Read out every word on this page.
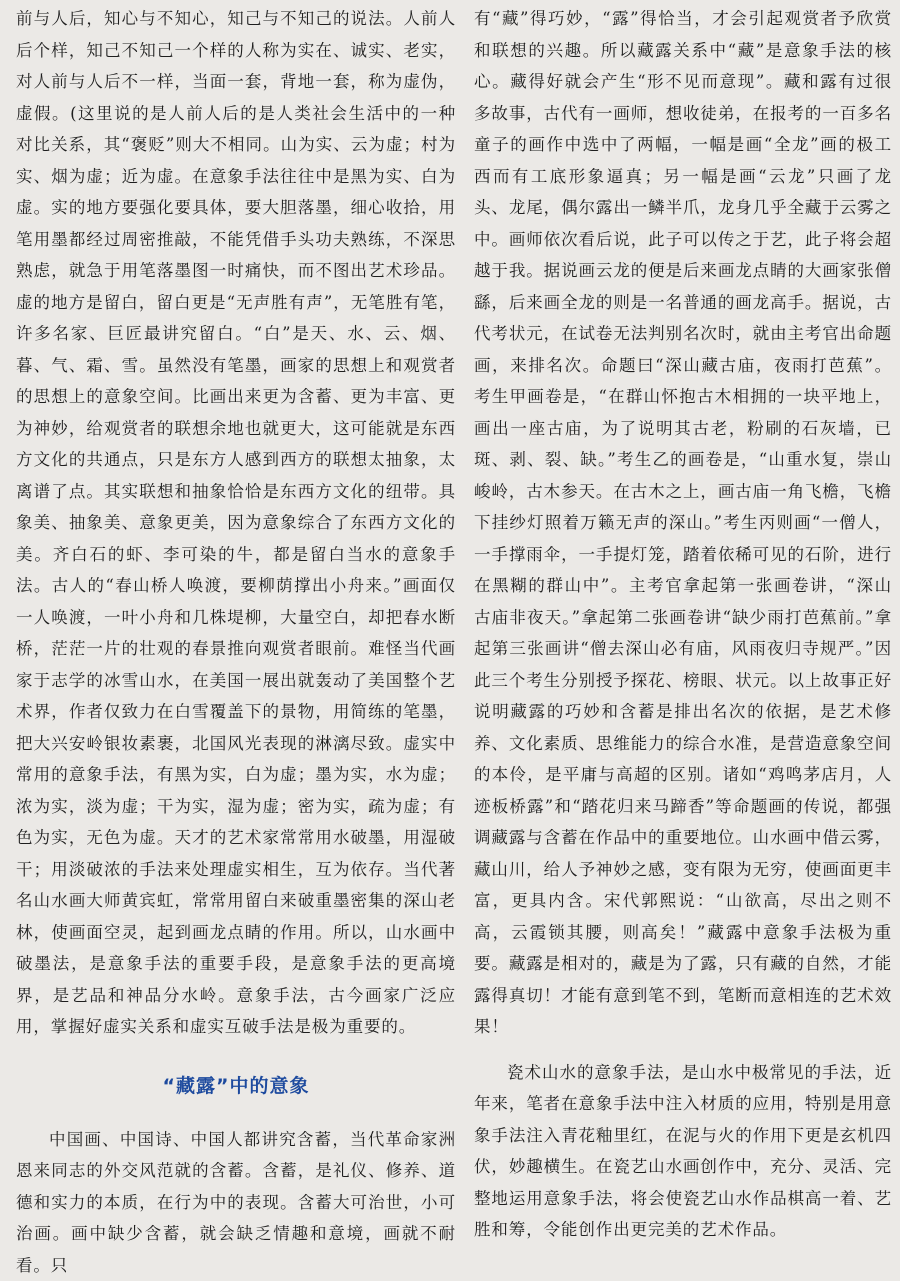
前与人后，知心与不知心，知己与不知己的说法。人前人后个样，知己不知己一个样的人称为实在、诚实、老实，对人前与人后不一样，当面一套，背地一套，称为虚伪，虚假。(这里说的是人前人后的是人类社会生活中的一种对比关系，其“褒贬”则大不相同。山为实、云为虚；村为实、烟为虚；近为虚。在意象手法往往中是黑为实、白为虚。实的地方要强化要具体，要大胆落墨，细心收拾，用笔用墨都经过周密推敲，不能凭借手头功夫熟练，不深思熟虑，就急于用笔落墨图一时痛快，而不图出艺术珍品。虚的地方是留白，留白更是“无声胜有声”，无笔胜有笔，许多名家、巨匠最讲究留白。“白”是天、水、云、烟、暮、气、霜、雪。虽然没有笔墨，画家的思想上和观赏者的思想上的意象空间。比画出来更为含蓄、更为丰富、更为神妙，给观赏者的联想余地也就更大，这可能就是东西方文化的共通点，只是东方人感到西方的联想太抽象，太离谱了点。其实联想和抽象恰恰是东西方文化的纽带。具象美、抽象美、意象更美，因为意象综合了东西方文化的美。齐白石的虾、李可染的牛，都是留白当水的意象手法。古人的“春山桥人唤渡，要柳荫撑出小舟来。”画面仅一人唤渡，一叶小舟和几株堤柳，大量空白，却把春水断桥，茫茫一片的壮观的春景推向观赏者眼前。难怪当代画家于志学的冰雪山水，在美国一展出就轰动了美国整个艺术界，作者仅致力在白雪覆盖下的景物，用简练的笔墨，把大兴安岭银妆素裹，北国风光表现的淋漓尽致。虚实中常用的意象手法，有黑为实，白为虚；墨为实，水为虚；浓为实，淡为虚；干为实，湿为虚；密为实，疏为虚；有色为实，无色为虚。天才的艺术家常常用水破墨，用湿破干；用淡破浓的手法来处理虚实相生，互为依存。当代著名山水画大师黄宾虹，常常用留白来破重墨密集的深山老林，使画面空灵，起到画龙点睛的作用。所以，山水画中破墨法，是意象手法的重要手段，是意象手法的更高境界，是艺品和神品分水岭。意象手法，古今画家广泛应用，掌握好虚实关系和虚实互破手法是极为重要的。

“藏露”中的意象

中国画、中国诗、中国人都讲究含蓄，当代革命家洲恩来同志的外交风范就的含蓄。含蓄，是礼仪、修养、道德和实力的本质，在行为中的表现。含蓄大可治世，小可治画。画中缺少含蓄，就会缺乏情趣和意境，画就不耐看。只

有“藏”得巧妙，“露”得恰当，才会引起观赏者予欣赏和联想的兴趣。所以藏露关系中“藏”是意象手法的核心。藏得好就会产生“形不见而意现”。藏和露有过很多故事，古代有一画师，想收徒弟，在报考的一百多名童子的画作中选中了两幅，一幅是画“全龙”画的极工西而有工底形象逼真；另一幅是画“云龙”只画了龙头、龙尾，偶尔露出一鳞半爪，龙身几乎全藏于云雾之中。画师依次看后说，此子可以传之于艺，此子将会超越于我。据说画云龙的便是后来画龙点睛的大画家张僧繇，后来画全龙的则是一名普通的画龙高手。据说，古代考状元，在试卷无法判别名次时，就由主考官出命题画，来排名次。命题曰“深山藏古庙，夜雨打芭蕉”。考生甲画卷是，“在群山怀抱古木相拥的一块平地上，画出一座古庙，为了说明其古老，粉刷的石灰墙，已斑、剥、裂、缺。”考生乙的画卷是，“山重水复，崇山峻岭，古木参天。在古木之上，画古庙一角飞檐，飞檐下挂纱灯照着万籁无声的深山。”考生丙则画“一僧人，一手撑雨伞，一手提灯笼，踏着依稀可见的石阶，进行在黑糊的群山中”。主考官拿起第一张画卷讲，“深山古庙非夜天。”拿起第二张画卷讲“缺少雨打芭蕉前。”拿起第三张画讲“僧去深山必有庙，风雨夜归寺规严。”因此三个考生分别授予探花、榜眼、状元。以上故事正好说明藏露的巧妙和含蓄是排出名次的依据，是艺术修养、文化素质、思维能力的综合水准，是营造意象空间的本伶，是平庸与高超的区别。诸如“鸡鸣茅店月，人迹板桥露”和“踏花归来马蹄香”等命题画的传说，都强调藏露与含蓄在作品中的重要地位。山水画中借云雾，藏山川，给人予神妙之感，变有限为无穷，使画面更丰富，更具内含。宋代郭熙说：“山欲高，尽出之则不高，云霞锁其腰，则高矣！”藏露中意象手法极为重要。藏露是相对的，藏是为了露，只有藏的自然，才能露得真切！才能有意到笔不到，笔断而意相连的艺术效果！

瓷术山水的意象手法，是山水中极常见的手法，近年来，笔者在意象手法中注入材质的应用，特别是用意象手法注入青花釉里红，在泥与火的作用下更是玄机四伏，妙趣横生。在瓷艺山水画创作中，充分、灵活、完整地运用意象手法，将会使瓷艺山水作品棋高一着、艺胜和筹，令能创作出更完美的艺术作品。
